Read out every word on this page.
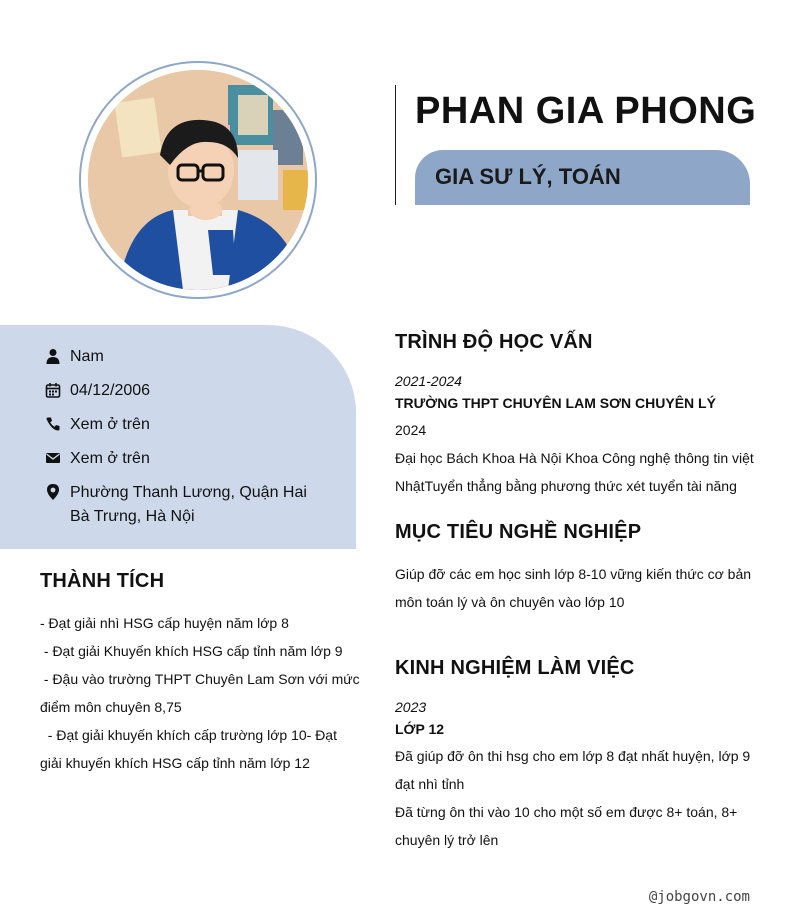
PHAN GIA PHONG
GIA SƯ LÝ, TOÁN
Nam
04/12/2006
Xem ở trên
Xem ở trên
Phường Thanh Lương, Quận Hai
Bà Trưng, Hà Nội
THÀNH TÍCH
- Đạt giải nhì HSG cấp huyện năm lớp 8
- Đạt giải Khuyến khích HSG cấp tỉnh năm lớp 9
- Đậu vào trường THPT Chuyên Lam Sơn với mức điểm môn chuyên 8,75
- Đạt giải khuyến khích cấp trường lớp 10- Đạt giải khuyến khích HSG cấp tỉnh năm lớp 12
TRÌNH ĐỘ HỌC VẤN
2021-2024
TRƯỜNG THPT CHUYÊN LAM SƠN CHUYÊN LÝ
2024
Đại học Bách Khoa Hà Nội Khoa Công nghệ thông tin việt NhậtTuyển thẳng bằng phương thức xét tuyển tài năng
MỤC TIÊU NGHỀ NGHIỆP
Giúp đỡ các em học sinh lớp 8-10 vững kiến thức cơ bản môn toán lý và ôn chuyên vào lớp 10
KINH NGHIỆM LÀM VIỆC
2023
LỚP 12
Đã giúp đỡ ôn thi hsg cho em lớp 8 đạt nhất huyện, lớp 9 đạt nhì tỉnh
Đã từng ôn thi vào 10 cho một số em được 8+ toán, 8+ chuyên lý trở lên
@jobgovn.com
